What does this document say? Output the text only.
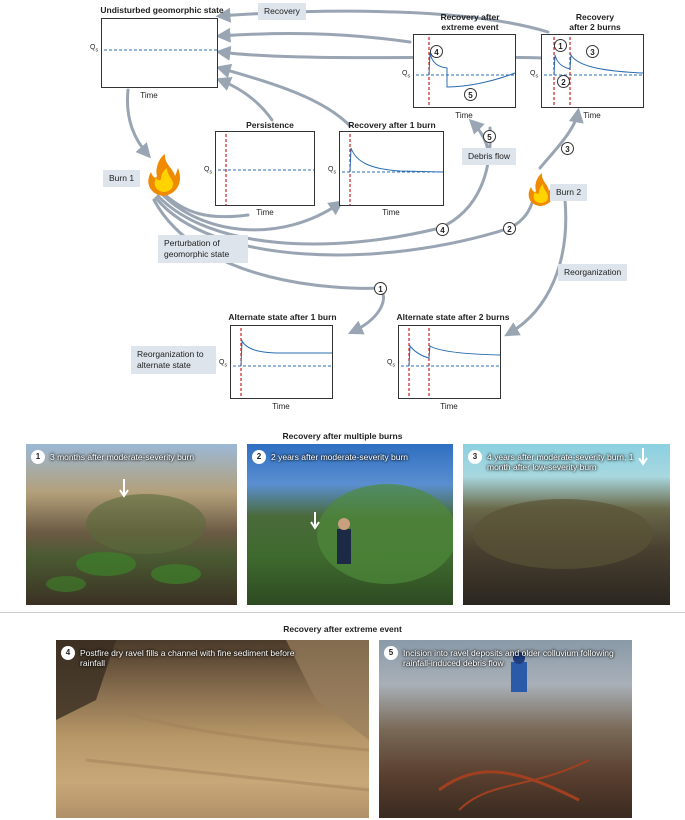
Undisturbed geomorphic state
$Q_s$
Time
Recovery
Recovery after
extreme event
$Q_s$
Time
4
5
Recovery
after 2 burns
$Q_s$
Time
1
2
3
Persistence
$Q_s$
Time
Recovery after 1 burn
$Q_s$
Time
Burn 1
Burn 2
Debris flow
Perturbation of geomorphic state
Reorganization
Reorganization to alternate state
5
3
4	2
1
Alternate state after 1 burn
$Q_s$
Time
Alternate state after 2 burns
$Q_s$
Time
Recovery after multiple burns
1	3 months after moderate-severity burn	2	2 years after moderate-severity burn	3	4 years after moderate-severity burn; 1 month after low-severity burn
Recovery after extreme event
4	Postfire dry ravel fills a channel with fine sediment before rainfall
5	Incision into ravel deposits and older colluvium following rainfall-induced debris flow
